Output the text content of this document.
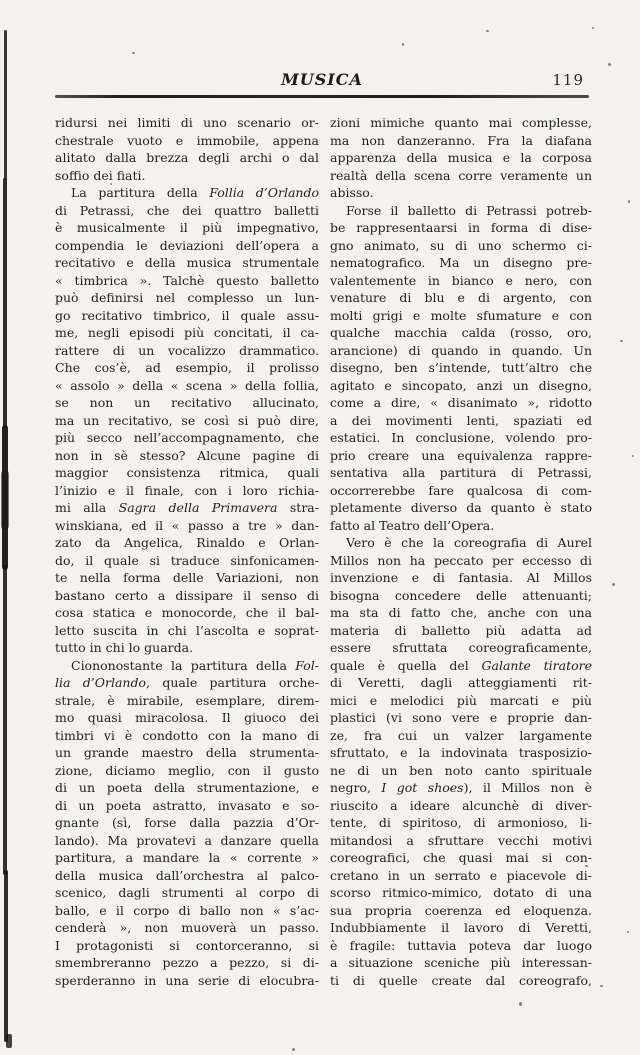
MUSICA	119
ridursi nei limiti di uno scenario or-
chestrale vuoto e immobile, appena
alitato dalla brezza degli archi o dal
soffio dei fiati.
La partitura della Follia d’Orlando
di Petrassi, che dei quattro balletti
è musicalmente il più impegnativo,
compendia le deviazioni dell’opera a
recitativo e della musica strumentale
« timbrica ». Talchè questo balletto
può definirsi nel complesso un lun-
go recitativo timbrico, il quale assu-
me, negli episodi più concitati, il ca-
rattere di un vocalizzo drammatico.
Che cos’è, ad esempio, il prolisso
« assolo » della « scena » della follia,
se non un recitativo allucinato,
ma un recitativo, se così si può dire,
più secco nell’accompagnamento, che
non in sè stesso? Alcune pagine di
maggior consistenza ritmica, quali
l’inizio e il finale, con i loro richia-
mi alla Sagra della Primavera stra-
winskiana, ed il « passo a tre » dan-
zato da Angelica, Rinaldo e Orlan-
do, il quale si traduce sinfonicamen-
te nella forma delle Variazioni, non
bastano certo a dissipare il senso di
cosa statica e monocorde, che il bal-
letto suscita in chi l’ascolta e soprat-
tutto in chi lo guarda.
Ciononostante la partitura della Fol-
lia d’Orlando, quale partitura orche-
strale, è mirabile, esemplare, direm-
mo quasi miracolosa. Il giuoco dei
timbri vi è condotto con la mano di
un grande maestro della strumenta-
zione, diciamo meglio, con il gusto
di un poeta della strumentazione, e
di un poeta astratto, invasato e so-
gnante (sì, forse dalla pazzia d’Or-
lando). Ma provatevi a danzare quella
partitura, a mandare la « corrente »
della musica dall’orchestra al palco-
scenico, dagli strumenti al corpo di
ballo, e il corpo di ballo non « s’ac-
cenderà », non muoverà un passo.
I protagonisti si contorceranno, si
smembreranno pezzo a pezzo, si di-
sperderanno in una serie di elocubra-
zioni mimiche quanto mai complesse,
ma non danzeranno. Fra la diafana
apparenza della musica e la corposa
realtà della scena corre veramente un
abisso.
Forse il balletto di Petrassi potreb-
be rappresentaarsi in forma di dise-
gno animato, su di uno schermo ci-
nematografico. Ma un disegno pre-
valentemente in bianco e nero, con
venature di blu e di argento, con
molti grigi e molte sfumature e con
qualche macchia calda (rosso, oro,
arancione) di quando in quando. Un
disegno, ben s’intende, tutt’altro che
agitato e sincopato, anzi un disegno,
come a dire, « disanimato », ridotto
a dei movimenti lenti, spaziati ed
estatici. In conclusione, volendo pro-
prio creare una equivalenza rappre-
sentativa alla partitura di Petrassi,
occorrerebbe fare qualcosa di com-
pletamente diverso da quanto è stato
fatto al Teatro dell’Opera.
Vero è che la coreografia di Aurel
Millos non ha peccato per eccesso di
invenzione e di fantasia. Al Millos
bisogna concedere delle attenuanti;
ma sta di fatto che, anche con una
materia di balletto più adatta ad
essere sfruttata coreograficamente,
quale è quella del Galante tiratore
di Veretti, dagli atteggiamenti rit-
mici e melodici più marcati e più
plastici (vi sono vere e proprie dan-
ze, fra cui un valzer largamente
sfruttato, e la indovinata trasposizio-
ne di un ben noto canto spirituale
negro, I got shoes), il Millos non è
riuscito a ideare alcunchè di diver-
tente, di spiritoso, di armonioso, li-
mitandosi a sfruttare vecchi motivi
coreografici, che quasi mai si con-
cretano in un serrato e piacevole di-
scorso ritmico-mimico, dotato di una
sua propria coerenza ed eloquenza.
Indubbiamente il lavoro di Veretti,
è fragile: tuttavia poteva dar luogo
a situazione sceniche più interessan-
ti di quelle create dal coreografo,
